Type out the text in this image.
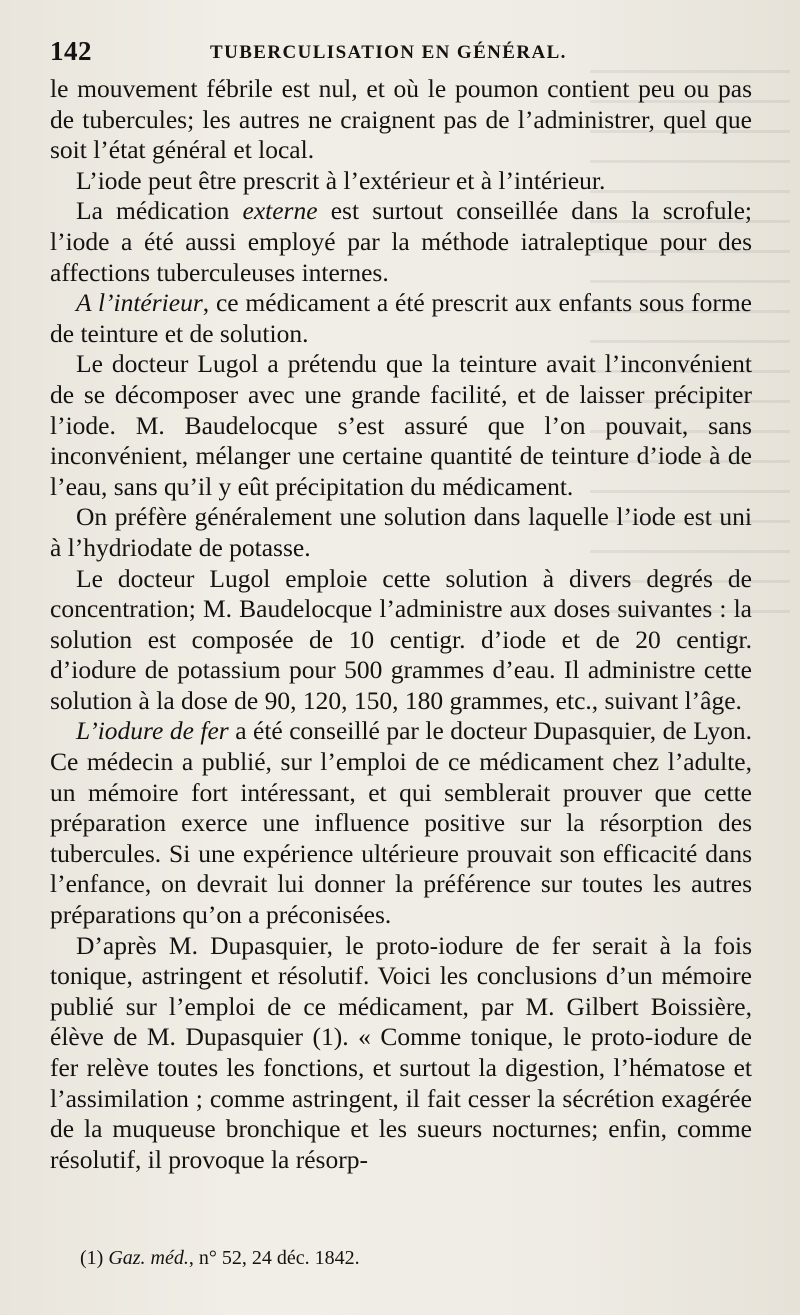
142	TUBERCULISATION EN GÉNÉRAL.

le mouvement fébrile est nul, et où le poumon contient peu ou pas de tubercules; les autres ne craignent pas de l’administrer, quel que soit l’état général et local.

L’iode peut être prescrit à l’extérieur et à l’intérieur.

La médication externe est surtout conseillée dans la scrofule; l’iode a été aussi employé par la méthode iatraleptique pour des affections tuberculeuses internes.

A l’intérieur, ce médicament a été prescrit aux enfants sous forme de teinture et de solution.

Le docteur Lugol a prétendu que la teinture avait l’inconvénient de se décomposer avec une grande facilité, et de laisser précipiter l’iode. M. Baudelocque s’est assuré que l’on pouvait, sans inconvénient, mélanger une certaine quantité de teinture d’iode à de l’eau, sans qu’il y eût précipitation du médicament.

On préfère généralement une solution dans laquelle l’iode est uni à l’hydriodate de potasse.

Le docteur Lugol emploie cette solution à divers degrés de concentration; M. Baudelocque l’administre aux doses suivantes : la solution est composée de 10 centigr. d’iode et de 20 centigr. d’iodure de potassium pour 500 grammes d’eau. Il administre cette solution à la dose de 90, 120, 150, 180 grammes, etc., suivant l’âge.

L’iodure de fer a été conseillé par le docteur Dupasquier, de Lyon. Ce médecin a publié, sur l’emploi de ce médicament chez l’adulte, un mémoire fort intéressant, et qui semblerait prouver que cette préparation exerce une influence positive sur la résorption des tubercules. Si une expérience ultérieure prouvait son efficacité dans l’enfance, on devrait lui donner la préférence sur toutes les autres préparations qu’on a préconisées.

D’après M. Dupasquier, le proto-iodure de fer serait à la fois tonique, astringent et résolutif. Voici les conclusions d’un mémoire publié sur l’emploi de ce médicament, par M. Gilbert Boissière, élève de M. Dupasquier (1). « Comme tonique, le proto-iodure de fer relève toutes les fonctions, et surtout la digestion, l’hématose et l’assimilation ; comme astringent, il fait cesser la sécrétion exagérée de la muqueuse bronchique et les sueurs nocturnes; enfin, comme résolutif, il provoque la résorp-

(1) Gaz. méd., n° 52, 24 déc. 1842.
